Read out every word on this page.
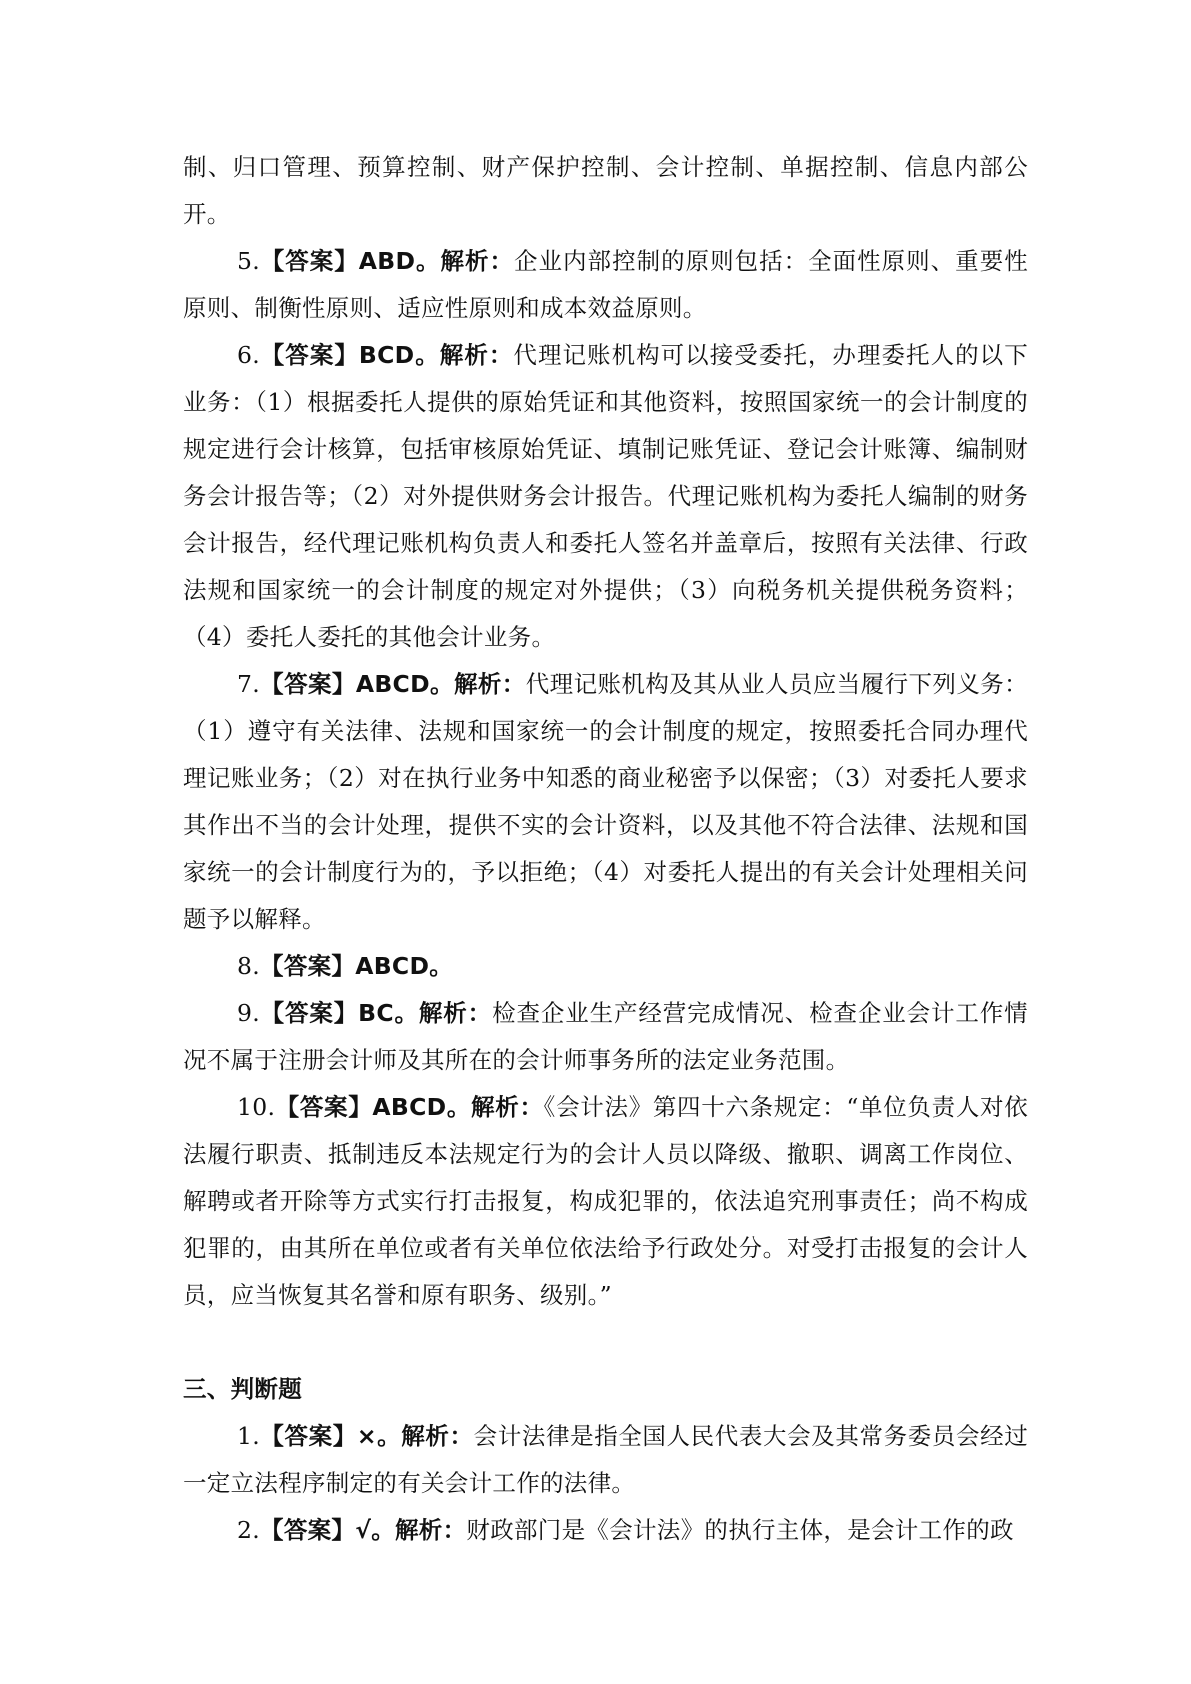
制、归口管理、预算控制、财产保护控制、会计控制、单据控制、信息内部公开。

5.【答案】ABD。解析：企业内部控制的原则包括：全面性原则、重要性原则、制衡性原则、适应性原则和成本效益原则。

6.【答案】BCD。解析：代理记账机构可以接受委托，办理委托人的以下业务：（1）根据委托人提供的原始凭证和其他资料，按照国家统一的会计制度的规定进行会计核算，包括审核原始凭证、填制记账凭证、登记会计账簿、编制财务会计报告等；（2）对外提供财务会计报告。代理记账机构为委托人编制的财务会计报告，经代理记账机构负责人和委托人签名并盖章后，按照有关法律、行政法规和国家统一的会计制度的规定对外提供；（3）向税务机关提供税务资料；（4）委托人委托的其他会计业务。

7.【答案】ABCD。解析：代理记账机构及其从业人员应当履行下列义务：（1）遵守有关法律、法规和国家统一的会计制度的规定，按照委托合同办理代理记账业务；（2）对在执行业务中知悉的商业秘密予以保密；（3）对委托人要求其作出不当的会计处理，提供不实的会计资料，以及其他不符合法律、法规和国家统一的会计制度行为的，予以拒绝；（4）对委托人提出的有关会计处理相关问题予以解释。

8.【答案】ABCD。

9.【答案】BC。解析：检查企业生产经营完成情况、检查企业会计工作情况不属于注册会计师及其所在的会计师事务所的法定业务范围。

10.【答案】ABCD。解析：《会计法》第四十六条规定：“单位负责人对依法履行职责、抵制违反本法规定行为的会计人员以降级、撤职、调离工作岗位、解聘或者开除等方式实行打击报复，构成犯罪的，依法追究刑事责任；尚不构成犯罪的，由其所在单位或者有关单位依法给予行政处分。对受打击报复的会计人员，应当恢复其名誉和原有职务、级别。”

三、判断题

1.【答案】×。解析：会计法律是指全国人民代表大会及其常务委员会经过一定立法程序制定的有关会计工作的法律。

2.【答案】√。解析：财政部门是《会计法》的执行主体，是会计工作的政
